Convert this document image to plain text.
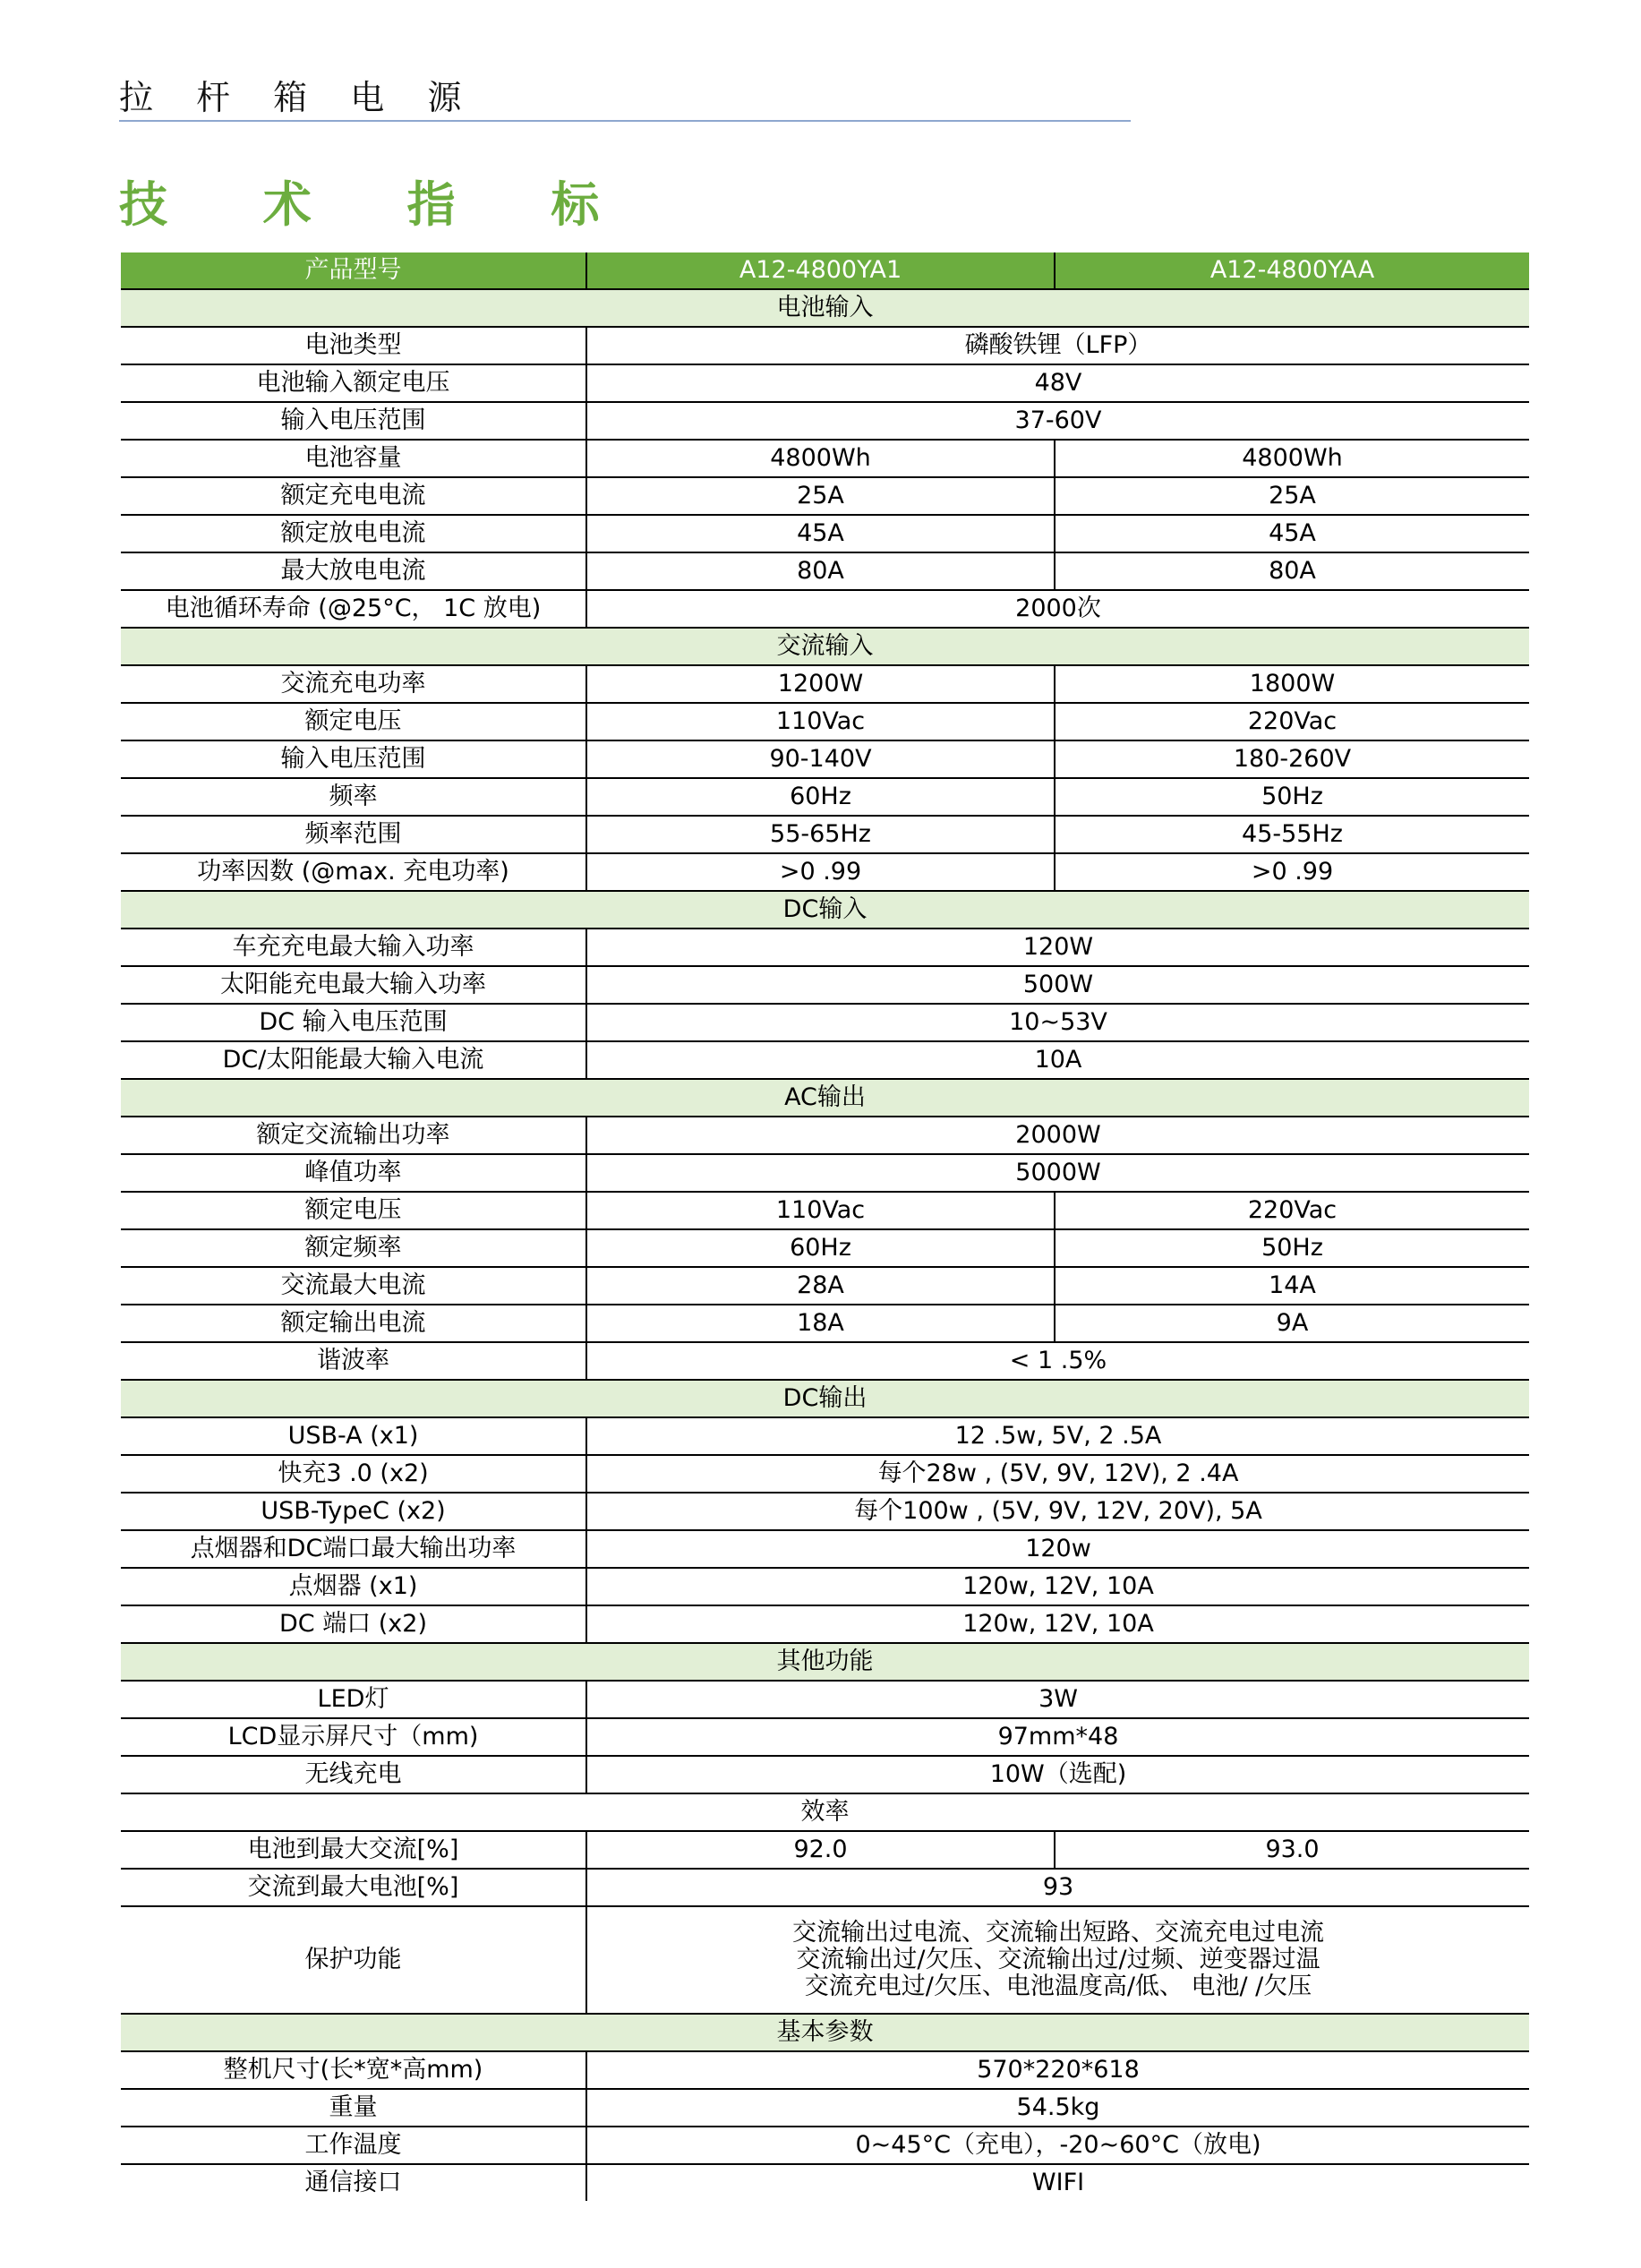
拉 杆 箱 电 源
技 术 指 标
产品型号	A12-4800YA1	A12-4800YAA
电池输入		
电池类型	磷酸铁锂（LFP）	
电池输入额定电压	48V	
输入电压范围	37-60V	
电池容量	4800Wh	4800Wh
额定充电电流	25A	25A
额定放电电流	45A	45A
最大放电电流	80A	80A
电池循环寿命 (@25°C， 1C 放电)	2000次	
交流输入		
交流充电功率	1200W	1800W
额定电压	110Vac	220Vac
输入电压范围	90-140V	180-260V
频率	60Hz	50Hz
频率范围	55-65Hz	45-55Hz
功率因数 (@max. 充电功率)	>0 .99	>0 .99
DC输入		
车充充电最大输入功率	120W	
太阳能充电最大输入功率	500W	
DC 输入电压范围	10~53V	
DC/太阳能最大输入电流	10A	
AC输出		
额定交流输出功率	2000W	
峰值功率	5000W	
额定电压	110Vac	220Vac
额定频率	60Hz	50Hz
交流最大电流	28A	14A
额定输出电流	18A	9A
谐波率	< 1 .5%	
DC输出		
USB-A (x1)	12 .5w, 5V, 2 .5A	
快充3 .0 (x2)	每个28w , (5V, 9V, 12V), 2 .4A	
USB-TypeC (x2)	每个100w , (5V, 9V, 12V, 20V), 5A	
点烟器和DC端口最大输出功率	120w	
点烟器 (x1)	120w, 12V, 10A	
DC 端口 (x2)	120w, 12V, 10A	
其他功能		
LED灯	3W	
LCD显示屏尺寸（mm)	97mm*48	
无线充电	10W（选配)	
效率		
电池到最大交流[%]	92.0	93.0
交流到最大电池[%]	93	
保护功能	交流输出过电流、交流输出短路、交流充电过电流
交流输出过/欠压、交流输出过/过频、逆变器过温
交流充电过/欠压、电池温度高/低、 电池/ /欠压	

基本参数		
整机尺寸(长*宽*高mm)	570*220*618	
重量	54.5kg	
工作温度	0~45°C（充电），-20~60°C（放电)	
通信接口	WIFI	
